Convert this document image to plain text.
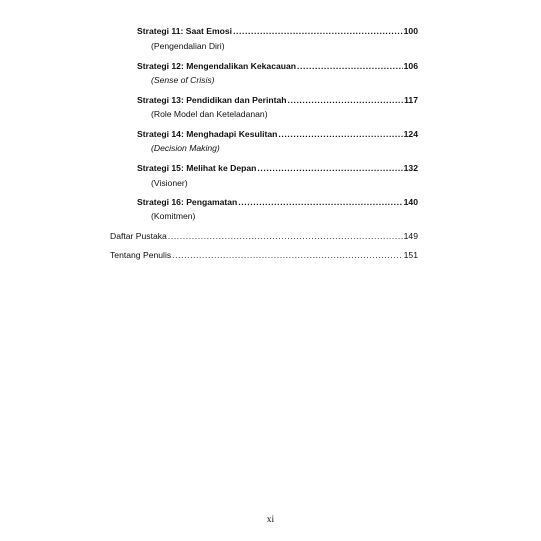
Strategi 11: Saat Emosi .....	100
(Pengendalian Diri)
Strategi 12: Mengendalikan Kekacauan .....	106
(Sense of Crisis)
Strategi 13: Pendidikan dan Perintah .....	117
(Role Model dan Keteladanan)
Strategi 14: Menghadapi Kesulitan .....	124
(Decision Making)
Strategi 15: Melihat ke Depan .....	132
(Visioner)
Strategi 16: Pengamatan .....	140
(Komitmen)
Daftar Pustaka .....	149
Tentang Penulis .....	151
xi
